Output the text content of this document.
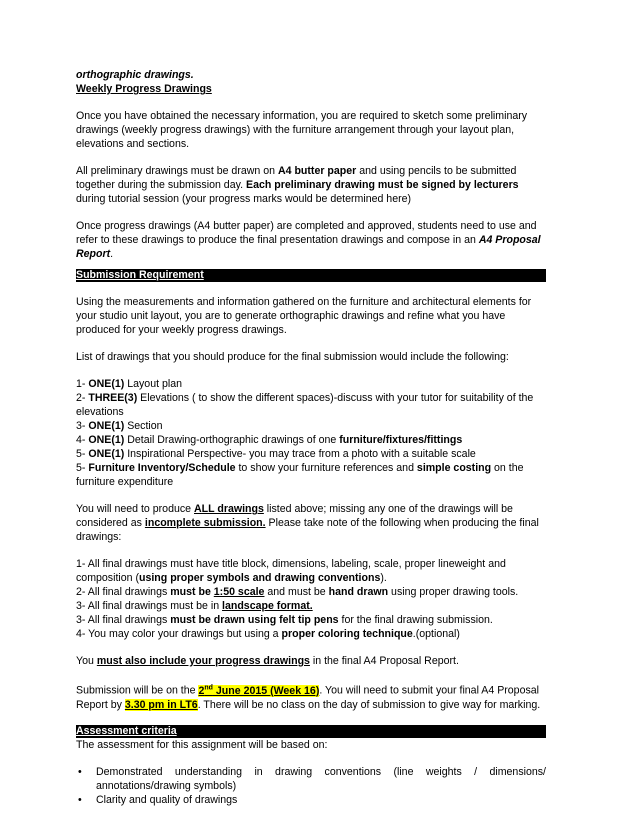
orthographic drawings.

Weekly Progress Drawings

Once you have obtained the necessary information, you are required to sketch some preliminary drawings (weekly progress drawings) with the furniture arrangement through your layout plan, elevations and sections.

All preliminary drawings must be drawn on A4 butter paper and using pencils to be submitted together during the submission day. Each preliminary drawing must be signed by lecturers during tutorial session (your progress marks would be determined here)

Once progress drawings (A4 butter paper) are completed and approved, students need to use and refer to these drawings to produce the final presentation drawings and compose in an A4 Proposal Report.

Submission Requirement

Using the measurements and information gathered on the furniture and architectural elements for your studio unit layout, you are to generate orthographic drawings and refine what you have produced for your weekly progress drawings.

List of drawings that you should produce for the final submission would include the following:

1- ONE(1) Layout plan

2- THREE(3) Elevations ( to show the different spaces)-discuss with your tutor for suitability of the elevations

3- ONE(1) Section

4- ONE(1) Detail Drawing-orthographic drawings of one furniture/fixtures/fittings

5- ONE(1) Inspirational Perspective- you may trace from a photo with a suitable scale

5- Furniture Inventory/Schedule to show your furniture references and simple costing on the furniture expenditure

You will need to produce ALL drawings listed above; missing any one of the drawings will be considered as incomplete submission. Please take note of the following when producing the final drawings:

1- All final drawings must have title block, dimensions, labeling, scale, proper lineweight and composition (using proper symbols and drawing conventions).

2- All final drawings must be 1:50 scale and must be hand drawn using proper drawing tools.

3- All final drawings must be in landscape format.

3- All final drawings must be drawn using felt tip pens for the final drawing submission.

4- You may color your drawings but using a proper coloring technique.(optional)

You must also include your progress drawings in the final A4 Proposal Report.

Submission will be on the 2nd June 2015 (Week 16). You will need to submit your final A4 Proposal Report by 3.30 pm in LT6. There will be no class on the day of submission to give way for marking.

Assessment criteria

The assessment for this assignment will be based on:

• Demonstrated understanding in drawing conventions (line weights / dimensions/ annotations/drawing symbols)
• Clarity and quality of drawings
